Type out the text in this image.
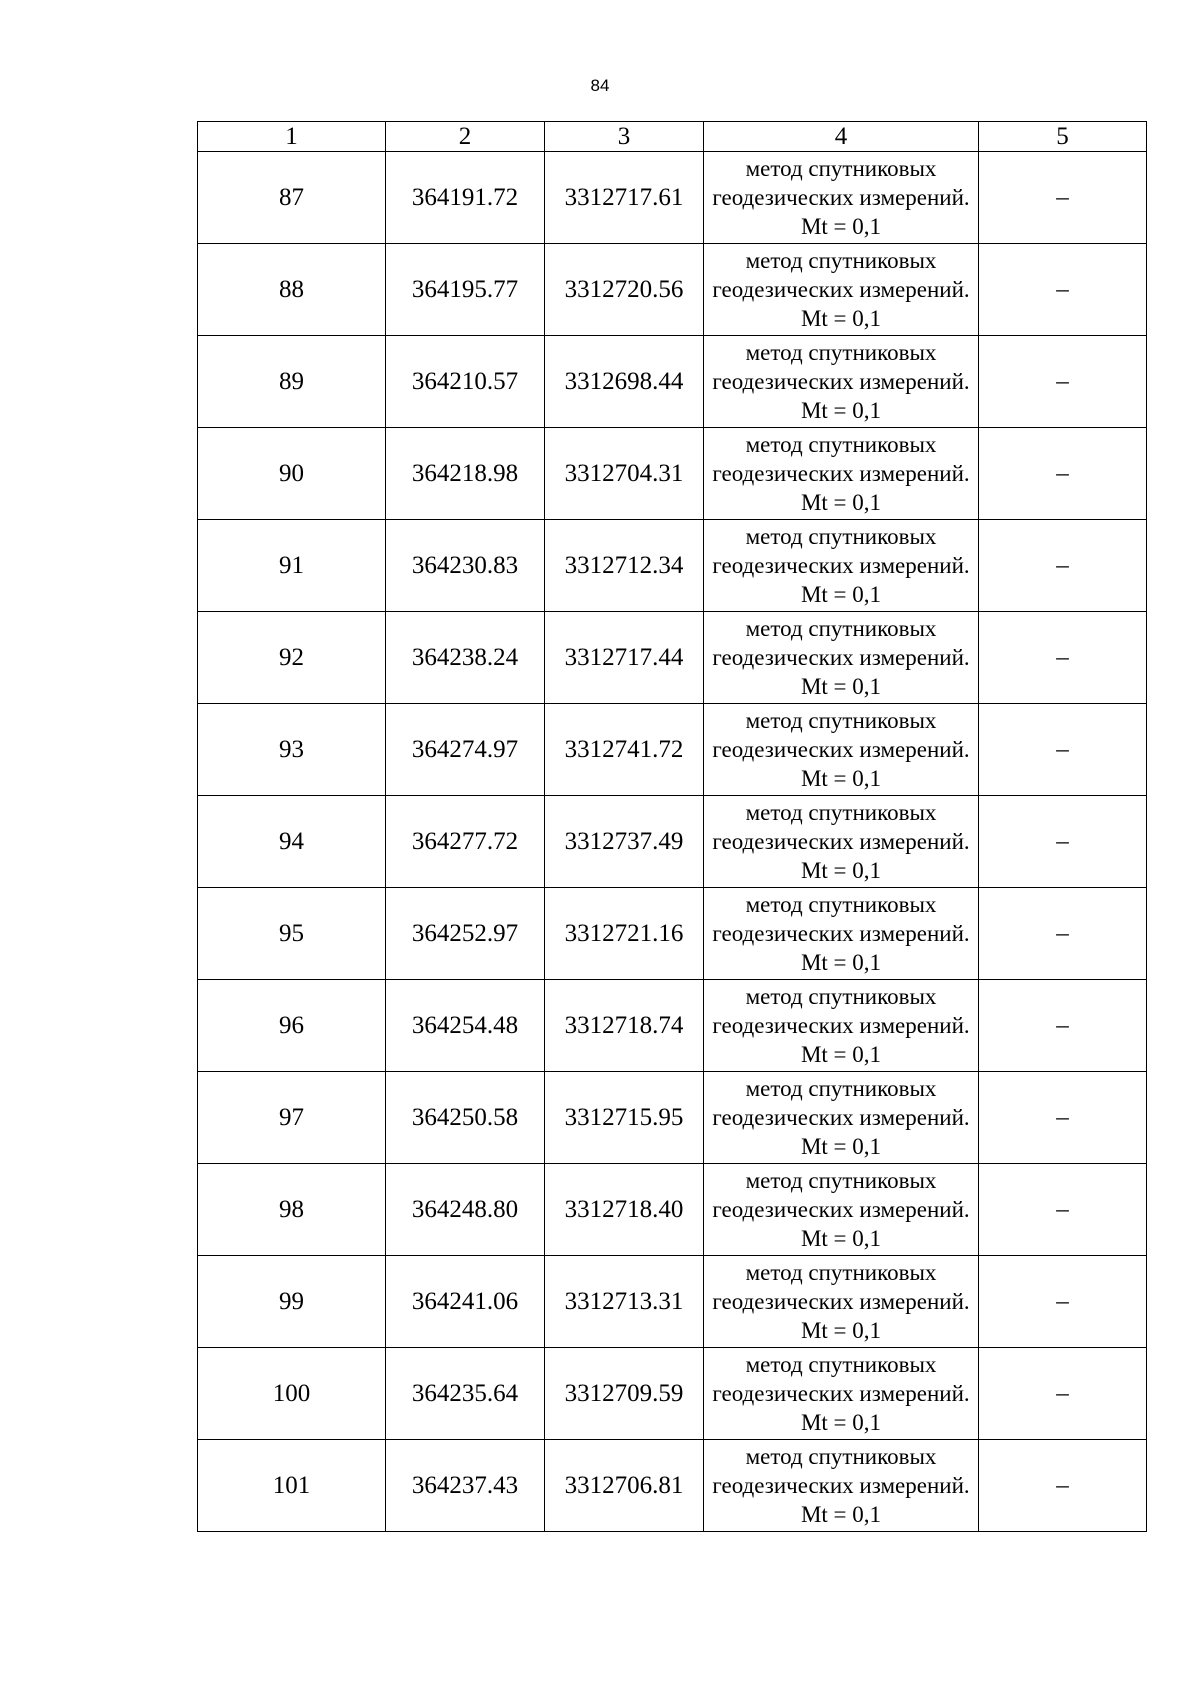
84
1	2	3	4	5
87	364191.72	3312717.61	метод спутниковых геодезических измерений. Mt = 0,1	–
88	364195.77	3312720.56	метод спутниковых геодезических измерений. Mt = 0,1	–
89	364210.57	3312698.44	метод спутниковых геодезических измерений. Mt = 0,1	–
90	364218.98	3312704.31	метод спутниковых геодезических измерений. Mt = 0,1	–
91	364230.83	3312712.34	метод спутниковых геодезических измерений. Mt = 0,1	–
92	364238.24	3312717.44	метод спутниковых геодезических измерений. Mt = 0,1	–
93	364274.97	3312741.72	метод спутниковых геодезических измерений. Mt = 0,1	–
94	364277.72	3312737.49	метод спутниковых геодезических измерений. Mt = 0,1	–
95	364252.97	3312721.16	метод спутниковых геодезических измерений. Mt = 0,1	–
96	364254.48	3312718.74	метод спутниковых геодезических измерений. Mt = 0,1	–
97	364250.58	3312715.95	метод спутниковых геодезических измерений. Mt = 0,1	–
98	364248.80	3312718.40	метод спутниковых геодезических измерений. Mt = 0,1	–
99	364241.06	3312713.31	метод спутниковых геодезических измерений. Mt = 0,1	–
100	364235.64	3312709.59	метод спутниковых геодезических измерений. Mt = 0,1	–
101	364237.43	3312706.81	метод спутниковых геодезических измерений. Mt = 0,1	–
